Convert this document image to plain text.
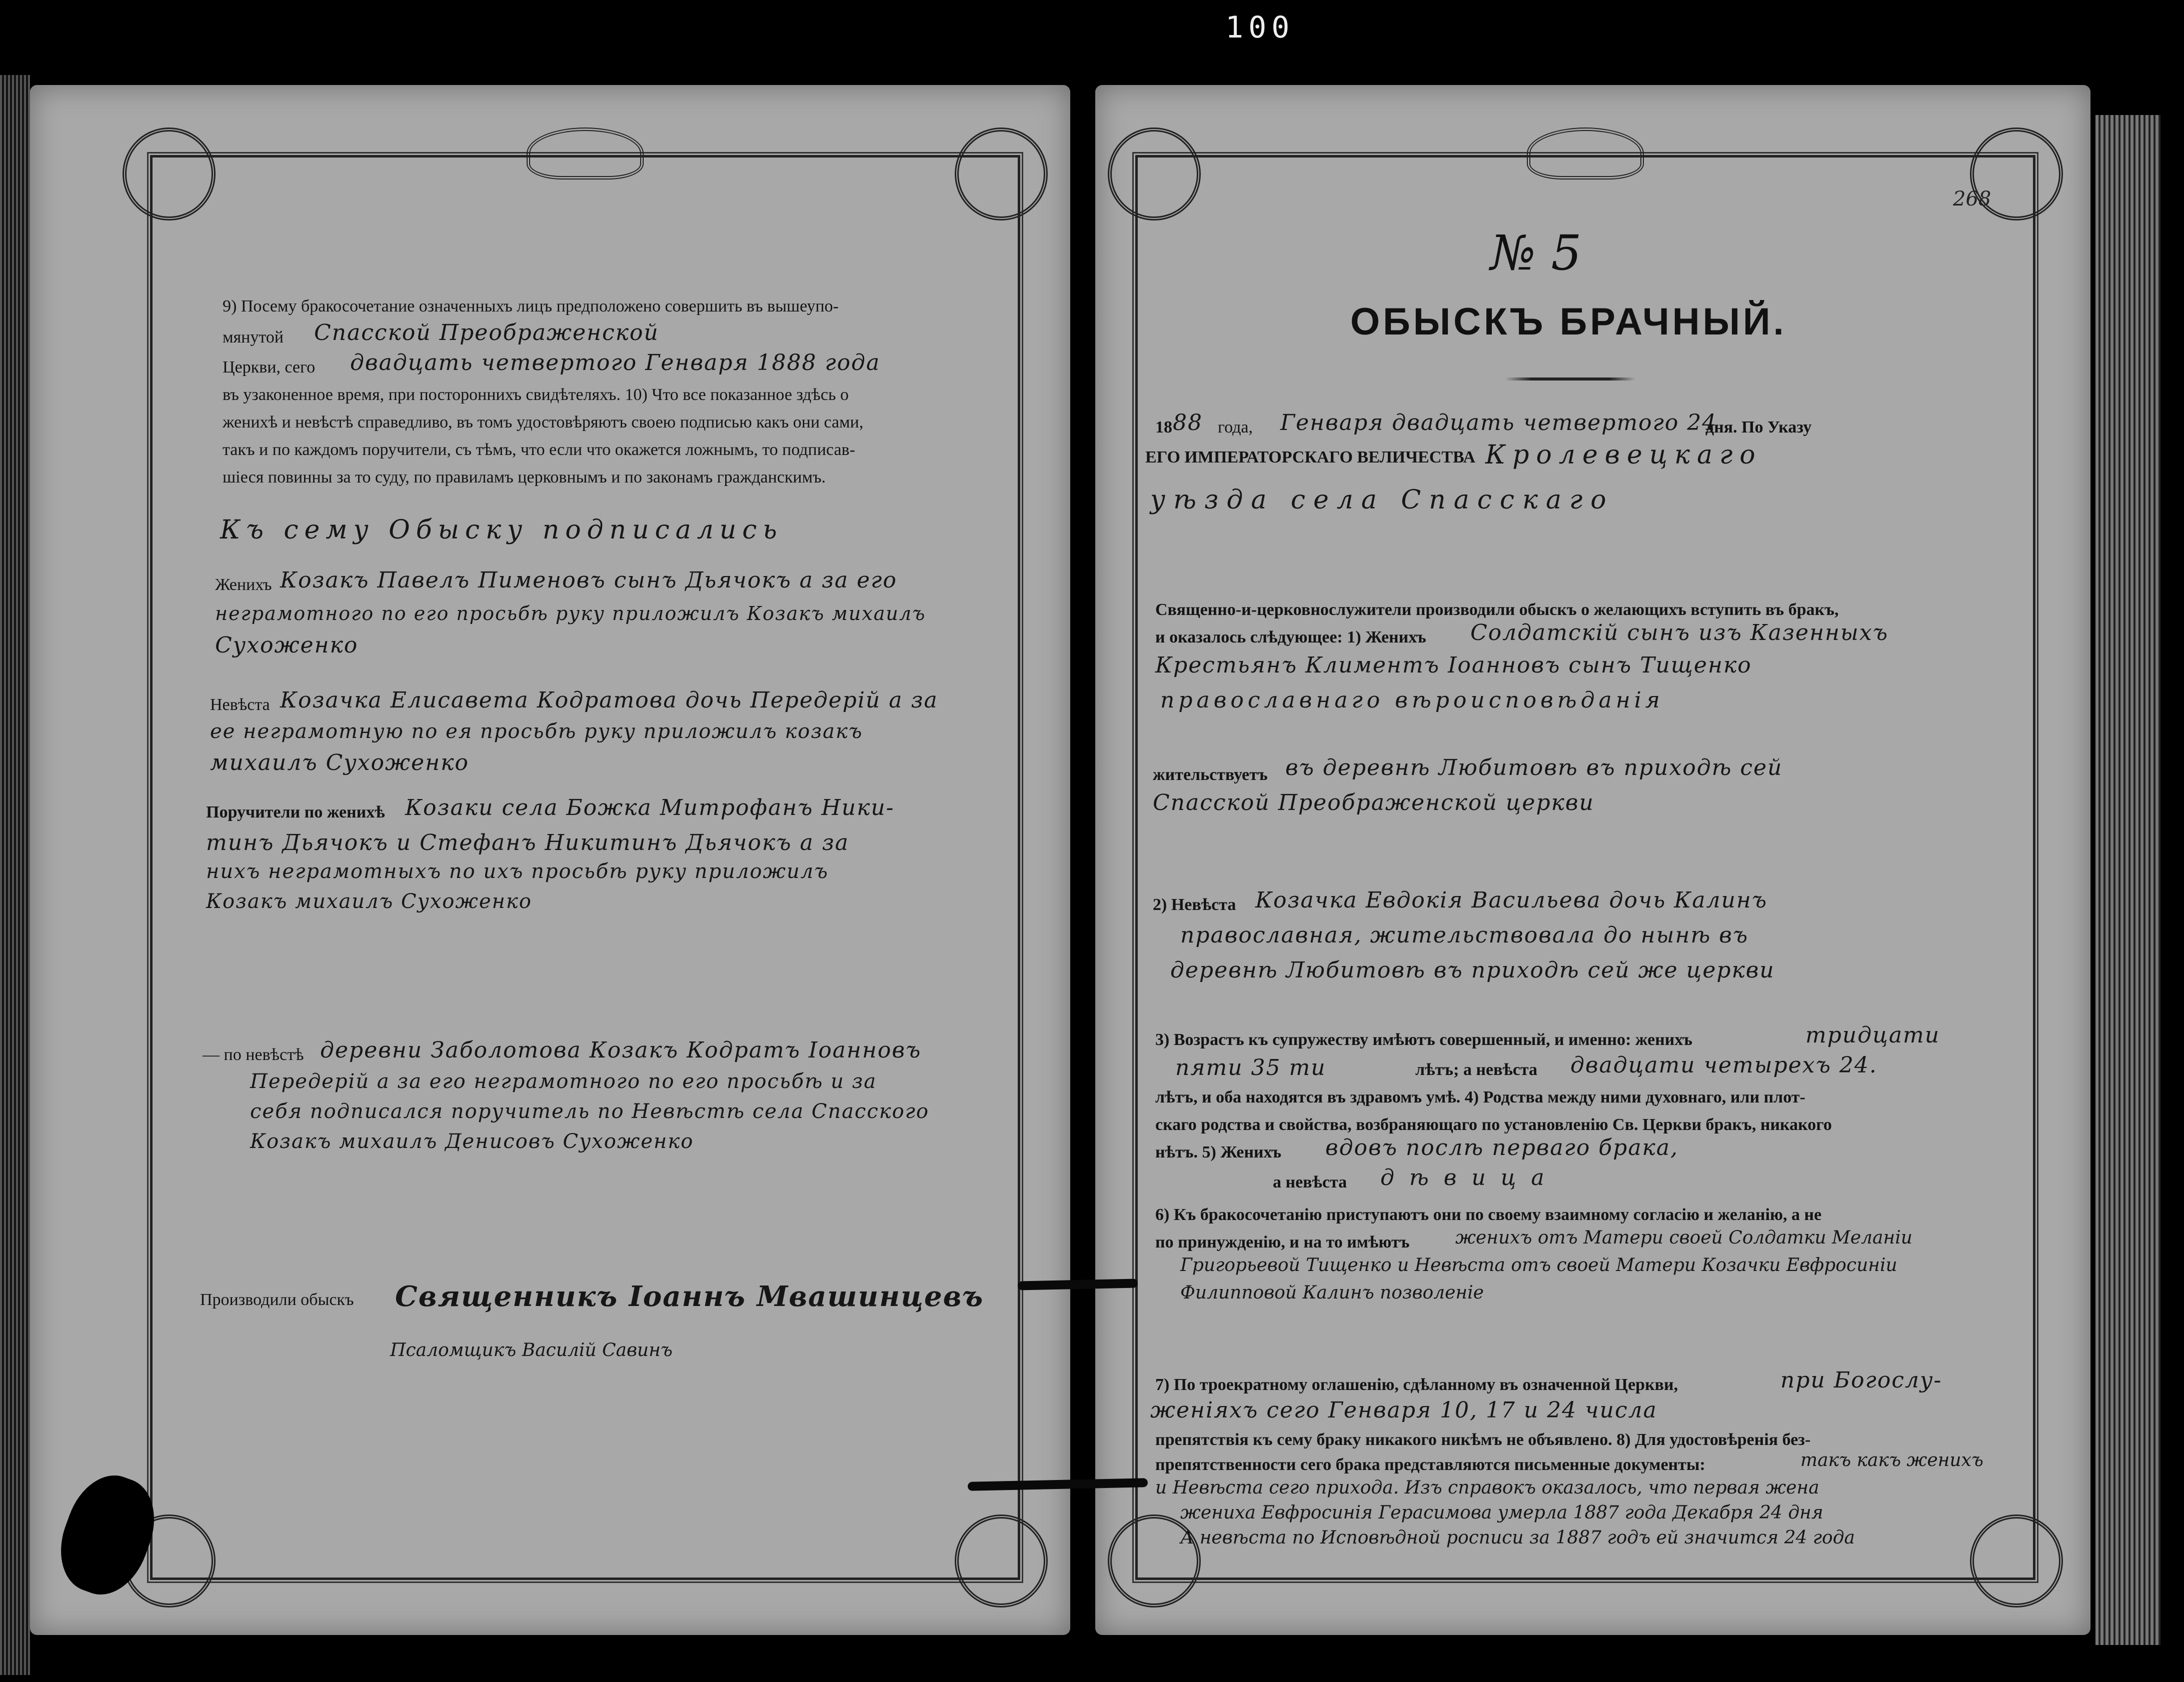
100
9) Посему бракосочетание означенныхъ лицъ предположено совершить въ вышеупо-
мянутой Спасской Преображенской
Церкви, сего двадцать четвертого Генваря 1888 года
въ узаконенное время, при постороннихъ свидѣтеляхъ. 10) Что все показанное здѣсь о
женихѣ и невѣстѣ справедливо, въ томъ удостовѣряютъ своею подписью какъ они сами,
такъ и по каждомъ поручители, съ тѣмъ, что если что окажется ложнымъ, то подписав-
шіеся повинны за то суду, по правиламъ церковнымъ и по законамъ гражданскимъ.
Къ сему Обыску подписались
Женихъ Козакъ Павелъ Пименовъ сынъ Дьячокъ а за его
неграмотного по его просьбѣ руку приложилъ Козакъ михаилъ
Сухоженко
Невѣста Козачка Елисавета Кодратова дочь Передерій а за
ее неграмотную по ея просьбѣ руку приложилъ козакъ
михаилъ Сухоженко
Поручители по женихѣ Козаки села Божка Митрофанъ Ники-
тинъ Дьячокъ и Стефанъ Никитинъ Дьячокъ а за
нихъ неграмотныхъ по ихъ просьбѣ руку приложилъ
Козакъ михаилъ Сухоженко
— по невѣстѣ деревни Заболотова Козакъ Кодратъ Іоанновъ
Передерій а за его неграмотного по его просьбѣ и за
себя подписался поручитель по Невѣстѣ села Спасского
Козакъ михаилъ Денисовъ Сухоженко
Производили обыскъ Священникъ Іоаннъ Мвашинцевъ
Псаломщикъ Василій Савинъ
268
№ 5
ОБЫСКЪ БРАЧНЫЙ.
18 88 года, Генваря двадцать четвертого 24
дня. По Указу
ЕГО ИМПЕРАТОРСКАГО ВЕЛИЧЕСТВА Кролевецкаго
уѣзда села Спасскаго
Священно-и-церковнослужители производили обыскъ о желающихъ вступить въ бракъ,
и оказалось слѣдующее: 1) Женихъ Солдатскій сынъ изъ Казенныхъ
Крестьянъ Климентъ Іоанновъ сынъ Тищенко
православнаго вѣроисповѣданія
жительствуетъ въ деревнѣ Любитовѣ въ приходѣ сей
Спасской Преображенской церкви
2) Невѣста Козачка Евдокія Васильева дочь Калинъ
православная, жительствовала до нынѣ въ
деревнѣ Любитовѣ въ приходѣ сей же церкви
3) Возрастъ къ супружеству имѣютъ совершенный, и именно: женихъ	тридцати
пяти 35 ти	лѣтъ; а невѣста двадцати четырехъ 24.
лѣтъ, и оба находятся въ здравомъ умѣ. 4) Родства между ними духовнаго, или плот-
скаго родства и свойства, возбраняющаго по установленію Св. Церкви бракъ, никакого
нѣтъ. 5) Женихъ вдовъ послѣ перваго брака,
а невѣста дѣвица
6) Къ бракосочетанію приступаютъ они по своему взаимному согласію и желанію, а не
по принужденію, и на то имѣютъ	женихъ отъ Матери своей Солдатки Меланіи
Григорьевой Тищенко и Невѣста отъ своей Матери Козачки Евфросиніи
Филипповой Калинъ позволеніе
7) По троекратному оглашенію, сдѣланному въ означенной Церкви,	при Богослу-
женіяхъ сего Генваря 10, 17 и 24 числа
препятствія къ сему браку никакого никѣмъ не объявлено. 8) Для удостовѣренія без-
препятственности сего брака представляются письменные документы:	такъ какъ женихъ
и Невѣста сего прихода. Изъ справокъ оказалось, что первая жена
жениха Евфросинія Герасимова умерла 1887 года Декабря 24 дня
А невѣста по Исповѣдной росписи за 1887 годъ ей значится 24 года
